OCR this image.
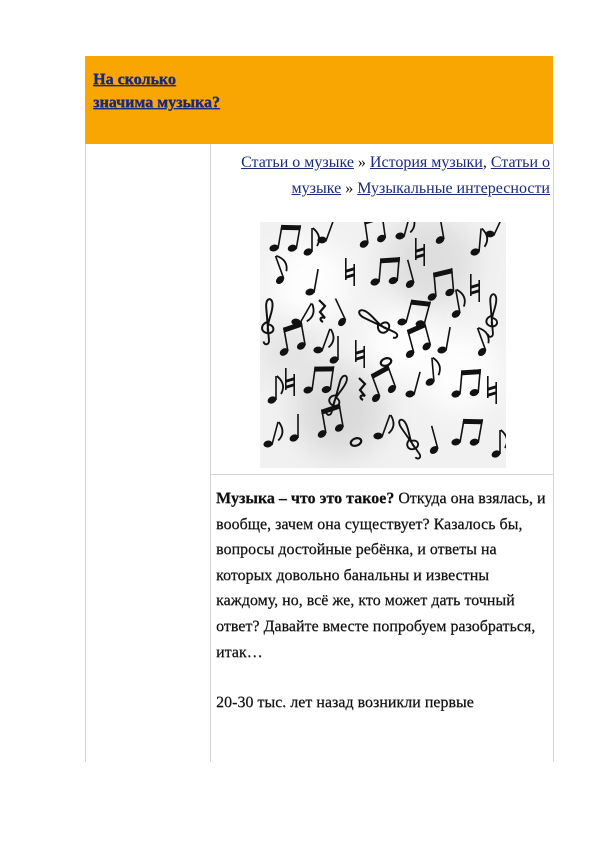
На сколько значима музыка?
Статьи о музыке » История музыки, Статьи о музыке » Музыкальные интересности

Музыка – что это такое? Откуда она взялась, и вообще, зачем она существует? Казалось бы, вопросы достойные ребёнка, и ответы на которых довольно банальны и известны каждому, но, всё же, кто может дать точный ответ? Давайте вместе попробуем разобраться, итак…

20-30 тыс. лет назад возникли первые
